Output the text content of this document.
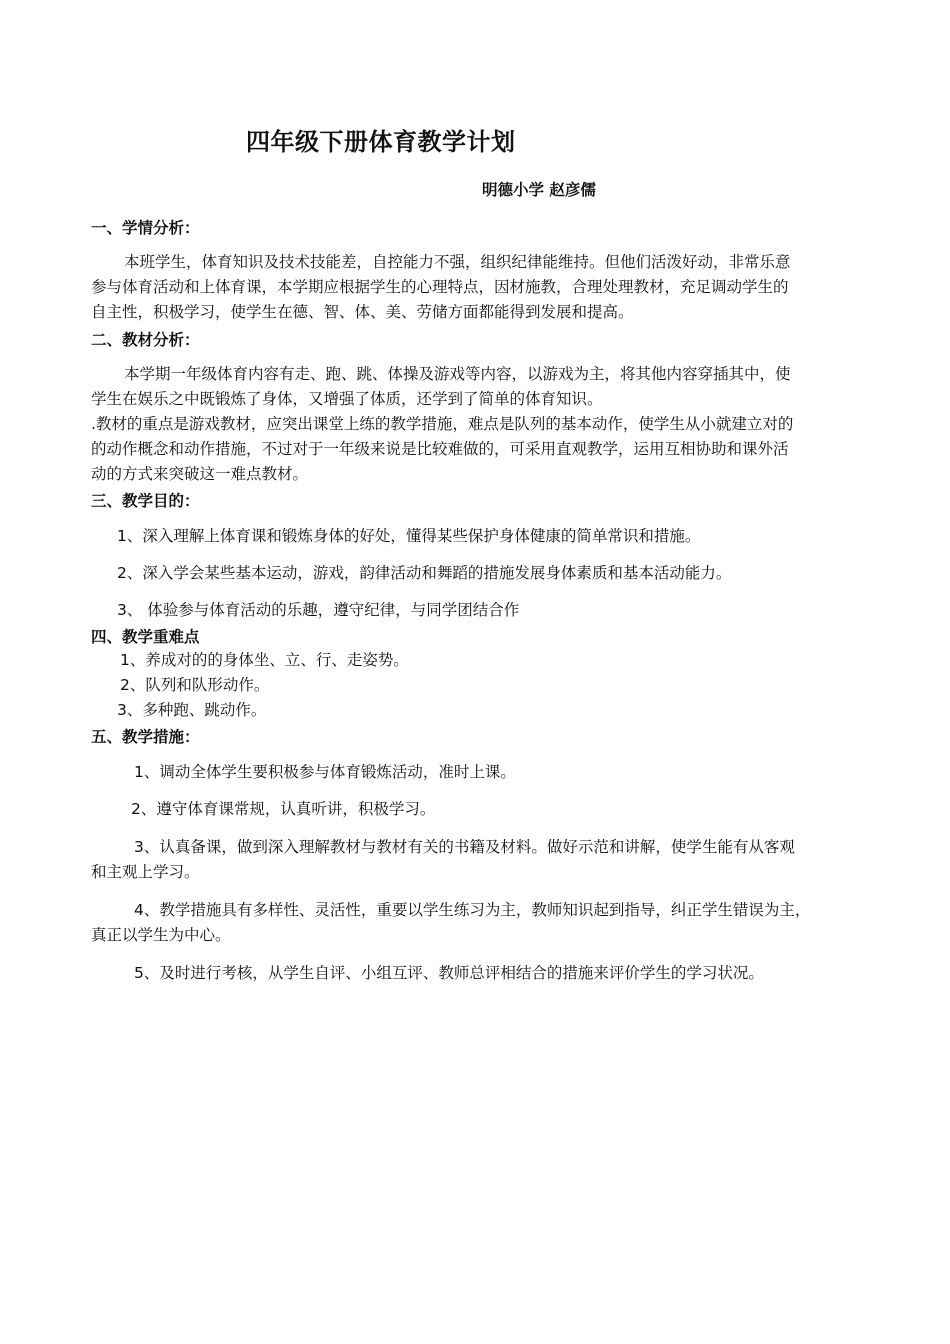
四年级下册体育教学计划
明德小学 赵彦儒
一、学情分析：
本班学生，体育知识及技术技能差，自控能力不强，组织纪律能维持。但他们活泼好动，非常乐意
参与体育活动和上体育课，本学期应根据学生的心理特点，因材施教，合理处理教材，充足调动学生的
自主性，积极学习，使学生在德、智、体、美、劳储方面都能得到发展和提高。
二、教材分析：
本学期一年级体育内容有走、跑、跳、体操及游戏等内容，以游戏为主，将其他内容穿插其中，使
学生在娱乐之中既锻炼了身体，又增强了体质，还学到了简单的体育知识。
.教材的重点是游戏教材，应突出课堂上练的教学措施，难点是队列的基本动作，使学生从小就建立对的
的动作概念和动作措施，不过对于一年级来说是比较难做的，可采用直观教学，运用互相协助和课外活
动的方式来突破这一难点教材。
三、教学目的：
1、深入理解上体育课和锻炼身体的好处，懂得某些保护身体健康的简单常识和措施。
2、深入学会某些基本运动，游戏，韵律活动和舞蹈的措施发展身体素质和基本活动能力。
3、 体验参与体育活动的乐趣，遵守纪律，与同学团结合作
四、教学重难点
1、养成对的的身体坐、立、行、走姿势。
2、队列和队形动作。
3、多种跑、跳动作。
五、教学措施：
1、调动全体学生要积极参与体育锻炼活动，准时上课。
2、遵守体育课常规，认真听讲，积极学习。
3、认真备课，做到深入理解教材与教材有关的书籍及材料。做好示范和讲解，使学生能有从客观
和主观上学习。
4、教学措施具有多样性、灵活性，重要以学生练习为主，教师知识起到指导，纠正学生错误为主，
真正以学生为中心。
5、及时进行考核，从学生自评、小组互评、教师总评相结合的措施来评价学生的学习状况。
